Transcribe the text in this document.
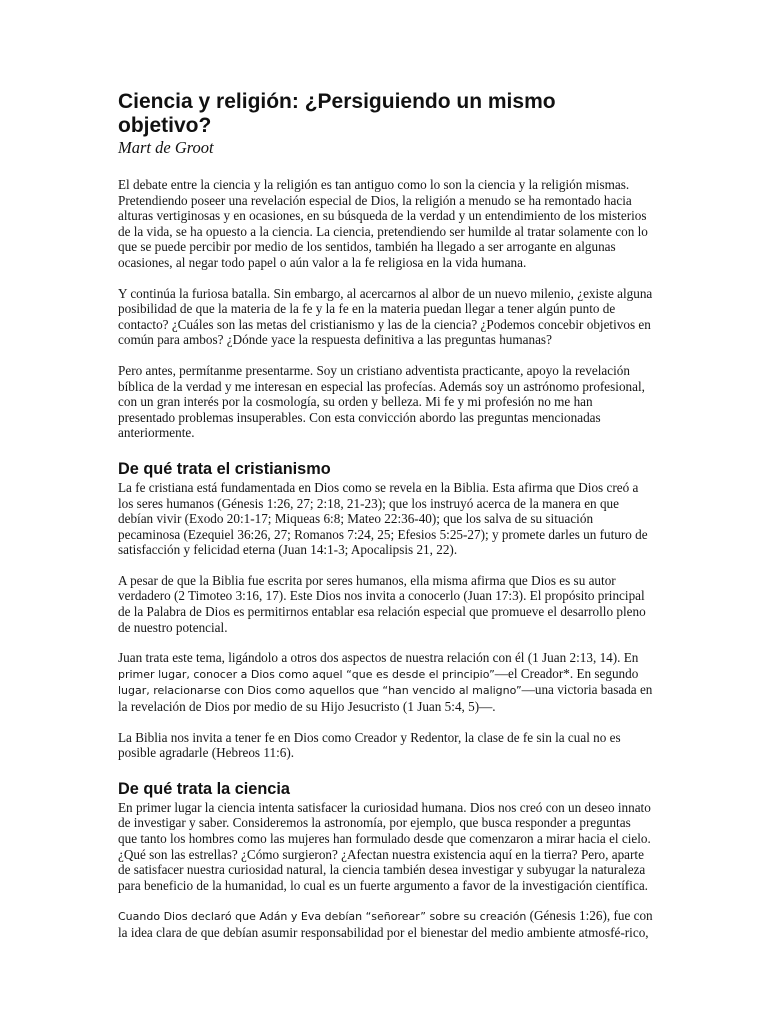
Ciencia y religión: ¿Persiguiendo un mismo objetivo?
Mart de Groot

El debate entre la ciencia y la religión es tan antiguo como lo son la ciencia y la religión mismas. Pretendiendo poseer una revelación especial de Dios, la religión a menudo se ha remontado hacia alturas vertiginosas y en ocasiones, en su búsqueda de la verdad y un entendimiento de los misterios de la vida, se ha opuesto a la ciencia. La ciencia, pretendiendo ser humilde al tratar solamente con lo que se puede percibir por medio de los sentidos, también ha llegado a ser arrogante en algunas ocasiones, al negar todo papel o aún valor a la fe religiosa en la vida humana.

Y continúa la furiosa batalla. Sin embargo, al acercarnos al albor de un nuevo milenio, ¿existe alguna posibilidad de que la materia de la fe y la fe en la materia puedan llegar a tener algún punto de contacto? ¿Cuáles son las metas del cristianismo y las de la ciencia? ¿Podemos concebir objetivos en común para ambos? ¿Dónde yace la respuesta definitiva a las preguntas humanas?

Pero antes, permítanme presentarme. Soy un cristiano adventista practicante, apoyo la revelación bíblica de la verdad y me interesan en especial las profecías. Además soy un astrónomo profesional, con un gran interés por la cosmología, su orden y belleza. Mi fe y mi profesión no me han presentado problemas insuperables. Con esta convicción abordo las preguntas mencionadas anteriormente.

De qué trata el cristianismo

La fe cristiana está fundamentada en Dios como se revela en la Biblia. Esta afirma que Dios creó a los seres humanos (Génesis 1:26, 27; 2:18, 21-23); que los instruyó acerca de la manera en que debían vivir (Exodo 20:1-17; Miqueas 6:8; Mateo 22:36-40); que los salva de su situación pecaminosa (Ezequiel 36:26, 27; Romanos 7:24, 25; Efesios 5:25-27); y promete darles un futuro de satisfacción y felicidad eterna (Juan 14:1-3; Apocalipsis 21, 22).

A pesar de que la Biblia fue escrita por seres humanos, ella misma afirma que Dios es su autor verdadero (2 Timoteo 3:16, 17). Este Dios nos invita a conocerlo (Juan 17:3). El propósito principal de la Palabra de Dios es permitirnos entablar esa relación especial que promueve el desarrollo pleno de nuestro potencial.

Juan trata este tema, ligándolo a otros dos aspectos de nuestra relación con él (1 Juan 2:13, 14). En primer lugar, conocer a Dios como aquel “que es desde el principio”—el Creador*. En segundo lugar, relacionarse con Dios como aquellos que “han vencido al maligno”—una victoria basada en la revelación de Dios por medio de su Hijo Jesucristo (1 Juan 5:4, 5)—.

La Biblia nos invita a tener fe en Dios como Creador y Redentor, la clase de fe sin la cual no es posible agradarle (Hebreos 11:6).

De qué trata la ciencia

En primer lugar la ciencia intenta satisfacer la curiosidad humana. Dios nos creó con un deseo innato de investigar y saber. Consideremos la astronomía, por ejemplo, que busca responder a preguntas que tanto los hombres como las mujeres han formulado desde que comenzaron a mirar hacia el cielo. ¿Qué son las estrellas? ¿Cómo surgieron? ¿Afectan nuestra existencia aquí en la tierra? Pero, aparte de satisfacer nuestra curiosidad natural, la ciencia también desea investigar y subyugar la naturaleza para beneficio de la humanidad, lo cual es un fuerte argumento a favor de la investigación científica.

Cuando Dios declaró que Adán y Eva debían “señorear” sobre su creación (Génesis 1:26), fue con la idea clara de que debían asumir responsabilidad por el bienestar del medio ambiente atmosfé-rico,
